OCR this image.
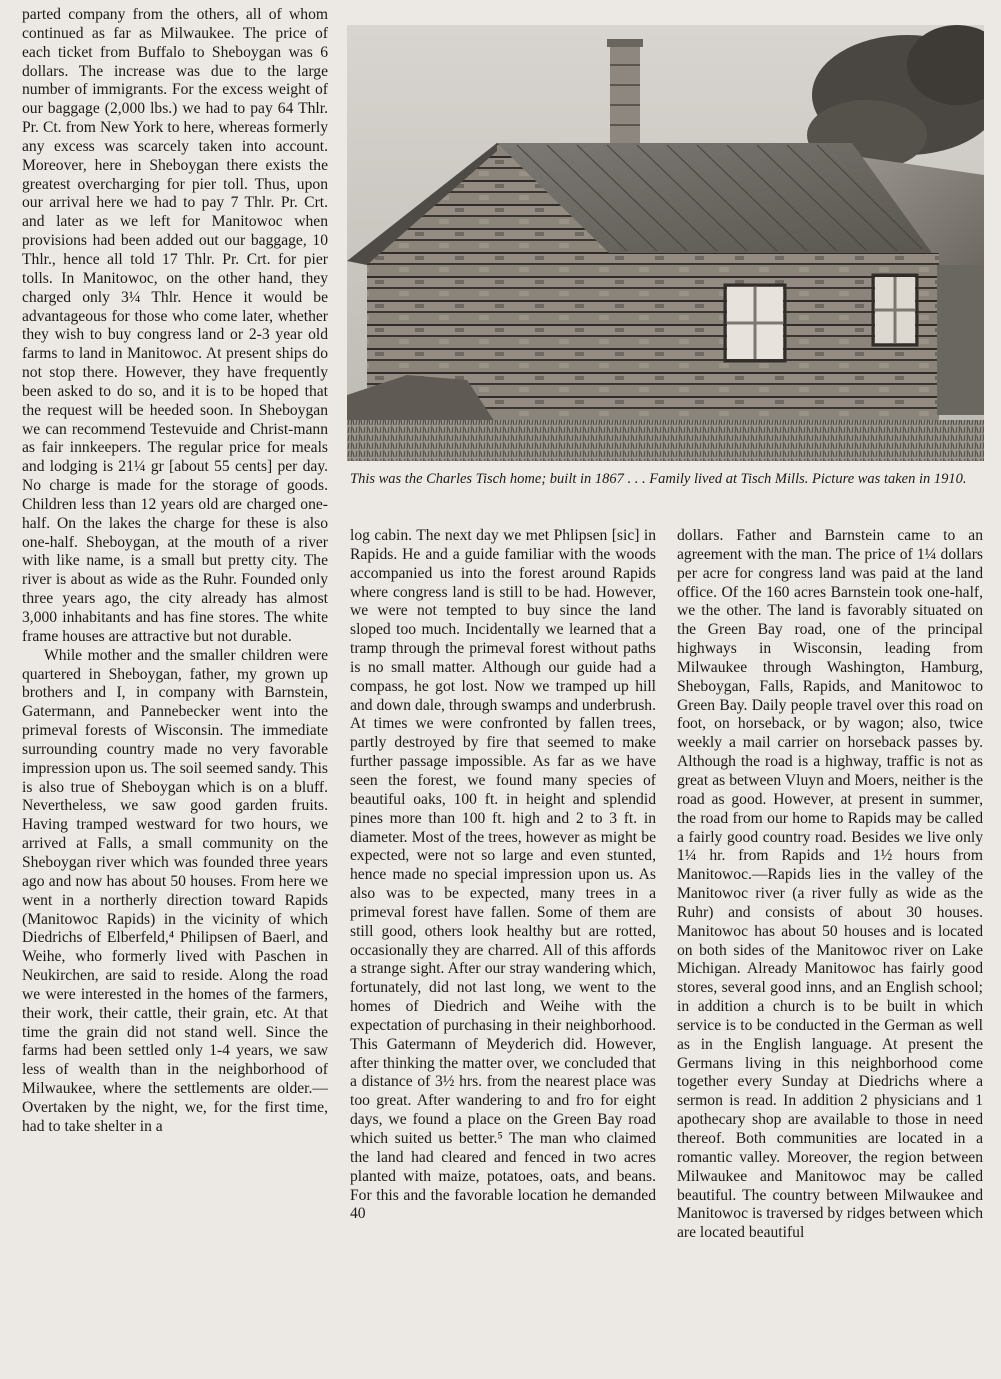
parted company from the others, all of whom continued as far as Milwaukee. The price of each ticket from Buffalo to Sheboygan was 6 dollars. The increase was due to the large number of immigrants. For the excess weight of our baggage (2,000 lbs.) we had to pay 64 Thlr. Pr. Ct. from New York to here, whereas formerly any excess was scarcely taken into account. Moreover, here in Sheboygan there exists the greatest overcharging for pier toll. Thus, upon our arrival here we had to pay 7 Thlr. Pr. Crt. and later as we left for Manitowoc when provisions had been added out our baggage, 10 Thlr., hence all told 17 Thlr. Pr. Crt. for pier tolls. In Manitowoc, on the other hand, they charged only 3¼ Thlr. Hence it would be advantageous for those who come later, whether they wish to buy congress land or 2-3 year old farms to land in Manitowoc. At present ships do not stop there. However, they have frequently been asked to do so, and it is to be hoped that the request will be heeded soon. In Sheboygan we can recommend Testevuide and Christ-mann as fair innkeepers. The regular price for meals and lodging is 21¼ gr [about 55 cents] per day. No charge is made for the storage of goods. Children less than 12 years old are charged one-half. On the lakes the charge for these is also one-half. Sheboygan, at the mouth of a river with like name, is a small but pretty city. The river is about as wide as the Ruhr. Founded only three years ago, the city already has almost 3,000 inhabitants and has fine stores. The white frame houses are attractive but not durable.

While mother and the smaller children were quartered in Sheboygan, father, my grown up brothers and I, in company with Barnstein, Gatermann, and Pannebecker went into the primeval forests of Wisconsin. The immediate surrounding country made no very favorable impression upon us. The soil seemed sandy. This is also true of Sheboygan which is on a bluff. Nevertheless, we saw good garden fruits. Having tramped westward for two hours, we arrived at Falls, a small community on the Sheboygan river which was founded three years ago and now has about 50 houses. From here we went in a northerly direction toward Rapids (Manitowoc Rapids) in the vicinity of which Diedrichs of Elberfeld,⁴ Philipsen of Baerl, and Weihe, who formerly lived with Paschen in Neukirchen, are said to reside. Along the road we were interested in the homes of the farmers, their work, their cattle, their grain, etc. At that time the grain did not stand well. Since the farms had been settled only 1-4 years, we saw less of wealth than in the neighborhood of Milwaukee, where the settlements are older.—Overtaken by the night, we, for the first time, had to take shelter in a

This was the Charles Tisch home; built in 1867 . . . Family lived at Tisch Mills. Picture was taken in 1910.

log cabin. The next day we met Phlipsen [sic] in Rapids. He and a guide familiar with the woods accompanied us into the forest around Rapids where congress land is still to be had. However, we were not tempted to buy since the land sloped too much. Incidentally we learned that a tramp through the primeval forest without paths is no small matter. Although our guide had a compass, he got lost. Now we tramped up hill and down dale, through swamps and underbrush. At times we were confronted by fallen trees, partly destroyed by fire that seemed to make further passage impossible. As far as we have seen the forest, we found many species of beautiful oaks, 100 ft. in height and splendid pines more than 100 ft. high and 2 to 3 ft. in diameter. Most of the trees, however as might be expected, were not so large and even stunted, hence made no special impression upon us. As also was to be expected, many trees in a primeval forest have fallen. Some of them are still good, others look healthy but are rotted, occasionally they are charred. All of this affords a strange sight. After our stray wandering which, fortunately, did not last long, we went to the homes of Diedrich and Weihe with the expectation of purchasing in their neighborhood. This Gatermann of Meyderich did. However, after thinking the matter over, we concluded that a distance of 3½ hrs. from the nearest place was too great. After wandering to and fro for eight days, we found a place on the Green Bay road which suited us better.⁵ The man who claimed the land had cleared and fenced in two acres planted with maize, potatoes, oats, and beans. For this and the favorable location he demanded 40

dollars. Father and Barnstein came to an agreement with the man. The price of 1¼ dollars per acre for congress land was paid at the land office. Of the 160 acres Barnstein took one-half, we the other. The land is favorably situated on the Green Bay road, one of the principal highways in Wisconsin, leading from Milwaukee through Washington, Hamburg, Sheboygan, Falls, Rapids, and Manitowoc to Green Bay. Daily people travel over this road on foot, on horseback, or by wagon; also, twice weekly a mail carrier on horseback passes by. Although the road is a highway, traffic is not as great as between Vluyn and Moers, neither is the road as good. However, at present in summer, the road from our home to Rapids may be called a fairly good country road. Besides we live only 1¼ hr. from Rapids and 1½ hours from Manitowoc.—Rapids lies in the valley of the Manitowoc river (a river fully as wide as the Ruhr) and consists of about 30 houses. Manitowoc has about 50 houses and is located on both sides of the Manitowoc river on Lake Michigan. Already Manitowoc has fairly good stores, several good inns, and an English school; in addition a church is to be built in which service is to be conducted in the German as well as in the English language. At present the Germans living in this neighborhood come together every Sunday at Diedrichs where a sermon is read. In addition 2 physicians and 1 apothecary shop are available to those in need thereof. Both communities are located in a romantic valley. Moreover, the region between Milwaukee and Manitowoc may be called beautiful. The country between Milwaukee and Manitowoc is traversed by ridges between which are located beautiful
